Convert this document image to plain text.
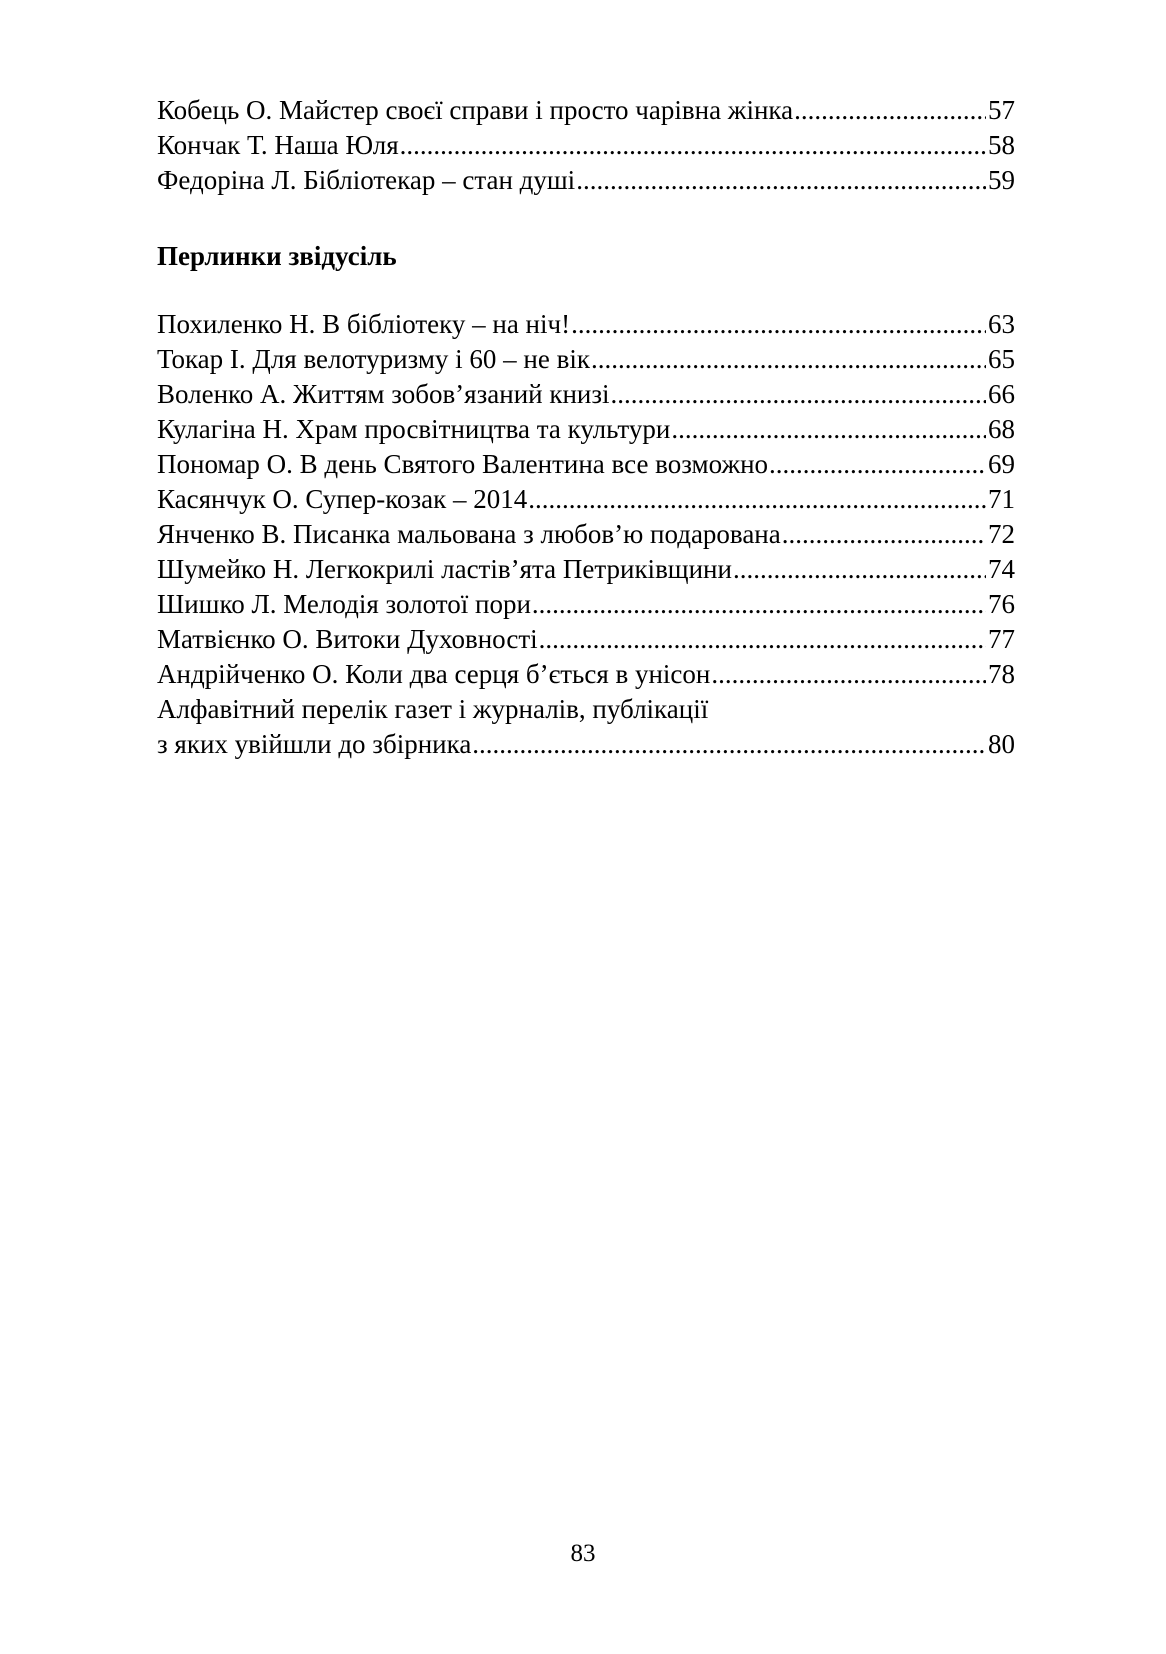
Кобець О. Майстер своєї справи і просто чарівна жінка .....	57
Кончак Т. Наша Юля .....	58
Федоріна Л. Бібліотекар – стан душі .....	59
Перлинки звідусіль
Похиленко Н. В бібліотеку – на ніч! .....	63
Токар І. Для велотуризму і 60 – не вік .....	65
Воленко А. Життям зобов’язаний книзі .....	66
Кулагіна Н. Храм просвітництва та культури .....	68
Пономар О. В день Святого Валентина все возможно .....	69
Касянчук О. Супер-козак – 2014 .....	71
Янченко В. Писанка мальована з любов’ю подарована .....	72
Шумейко Н. Легкокрилі ластів’ята Петриківщини .....	74
Шишко Л. Мелодія золотої пори .....	76
Матвієнко О. Витоки Духовності .....	77
Андрійченко О. Коли два серця б’ється в унісон .....	78
Алфавітний перелік газет і журналів, публікації
з яких увійшли до збірника .....	80
83
